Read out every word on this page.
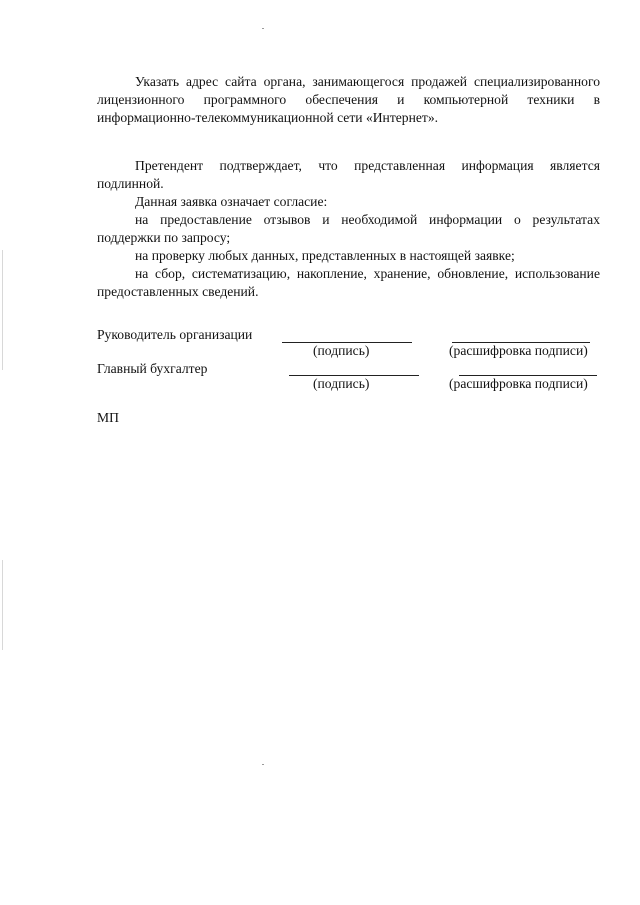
Указать адрес сайта органа, занимающегося продажей специализированного лицензионного программного обеспечения и компьютерной техники в информационно-телекоммуникационной сети «Интернет».
Претендент подтверждает, что представленная информация является подлинной.
Данная заявка означает согласие:
на предоставление отзывов и необходимой информации о результатах поддержки по запросу;
на проверку любых данных, представленных в настоящей заявке;
на сбор, систематизацию, накопление, хранение, обновление, использование предоставленных сведений.
Руководитель организации
(подпись)	(расшифровка подписи)
Главный бухгалтер
(подпись)	(расшифровка подписи)
МП
